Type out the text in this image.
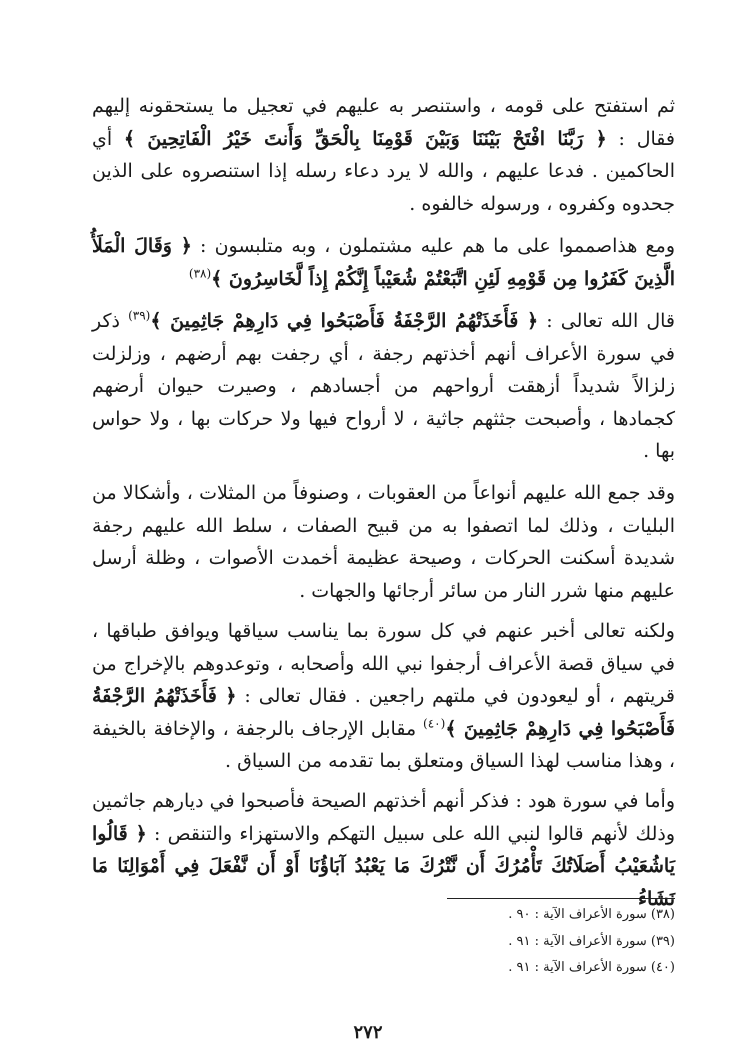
ثم استفتح على قومه ، واستنصر به عليهم في تعجيل ما يستحقونه إليهم فقال : ﴿ رَبَّنَا افْتَحْ بَيْنَنَا وَبَيْنَ قَوْمِنَا بِالْحَقِّ وَأَنتَ خَيْرُ الْفَاتِحِينَ ﴾ أي الحاكمين . فدعا عليهم ، والله لا يرد دعاء رسله إذا استنصروه على الذين جحدوه وكفروه ، ورسوله خالفوه .

ومع هذاصمموا على ما هم عليه مشتملون ، وبه متلبسون : ﴿ وَقَالَ الْمَلَأُ الَّذِينَ كَفَرُوا مِن قَوْمِهِ لَئِنِ اتَّبَعْتُمْ شُعَيْباً إِنَّكُمْ إِذاً لَّخَاسِرُونَ ﴾$^{(٣٨)}$

قال الله تعالى : ﴿ فَأَخَذَتْهُمُ الرَّجْفَةُ فَأَصْبَحُوا فِي دَارِهِمْ جَاثِمِينَ ﴾$^{(٣٩)}$ ذكر في سورة الأعراف أنهم أخذتهم رجفة ، أي رجفت بهم أرضهم ، وزلزلت زلزالاً شديداً أزهقت أرواحهم من أجسادهم ، وصيرت حيوان أرضهم كجمادها ، وأصبحت جثثهم جاثية ، لا أرواح فيها ولا حركات بها ، ولا حواس بها .

وقد جمع الله عليهم أنواعاً من العقوبات ، وصنوفاً من المثلات ، وأشكالا من البليات ، وذلك لما اتصفوا به من قبيح الصفات ، سلط الله عليهم رجفة شديدة أسكنت الحركات ، وصيحة عظيمة أخمدت الأصوات ، وظلة أرسل عليهم منها شرر النار من سائر أرجائها والجهات .

ولكنه تعالى أخبر عنهم في كل سورة بما يناسب سياقها ويوافق طباقها ، في سياق قصة الأعراف أرجفوا نبي الله وأصحابه ، وتوعدوهم بالإخراج من قريتهم ، أو ليعودون في ملتهم راجعين . فقال تعالى : ﴿ فَأَخَذَتْهُمُ الرَّجْفَةُ فَأَصْبَحُوا فِي دَارِهِمْ جَاثِمِينَ ﴾$^{(٤٠)}$ مقابل الإرجاف بالرجفة ، والإخافة بالخيفة ، وهذا مناسب لهذا السياق ومتعلق بما تقدمه من السياق .

وأما في سورة هود : فذكر أنهم أخذتهم الصيحة فأصبحوا في ديارهم جاثمين وذلك لأنهم قالوا لنبي الله على سبيل التهكم والاستهزاء والتنقص : ﴿ قَالُوا يَاشُعَيْبُ أَصَلَاتُكَ تَأْمُرُكَ أَن نَّتْرُكَ مَا يَعْبُدُ آبَاؤُنَا أَوْ أَن نَّفْعَلَ فِي أَمْوَالِنَا مَا نَشَاءُ

(٣٨) سورة الأعراف الآية : ٩٠ .

(٣٩) سورة الأعراف الآية : ٩١ .

(٤٠) سورة الأعراف الآية : ٩١ .

٢٧٢
